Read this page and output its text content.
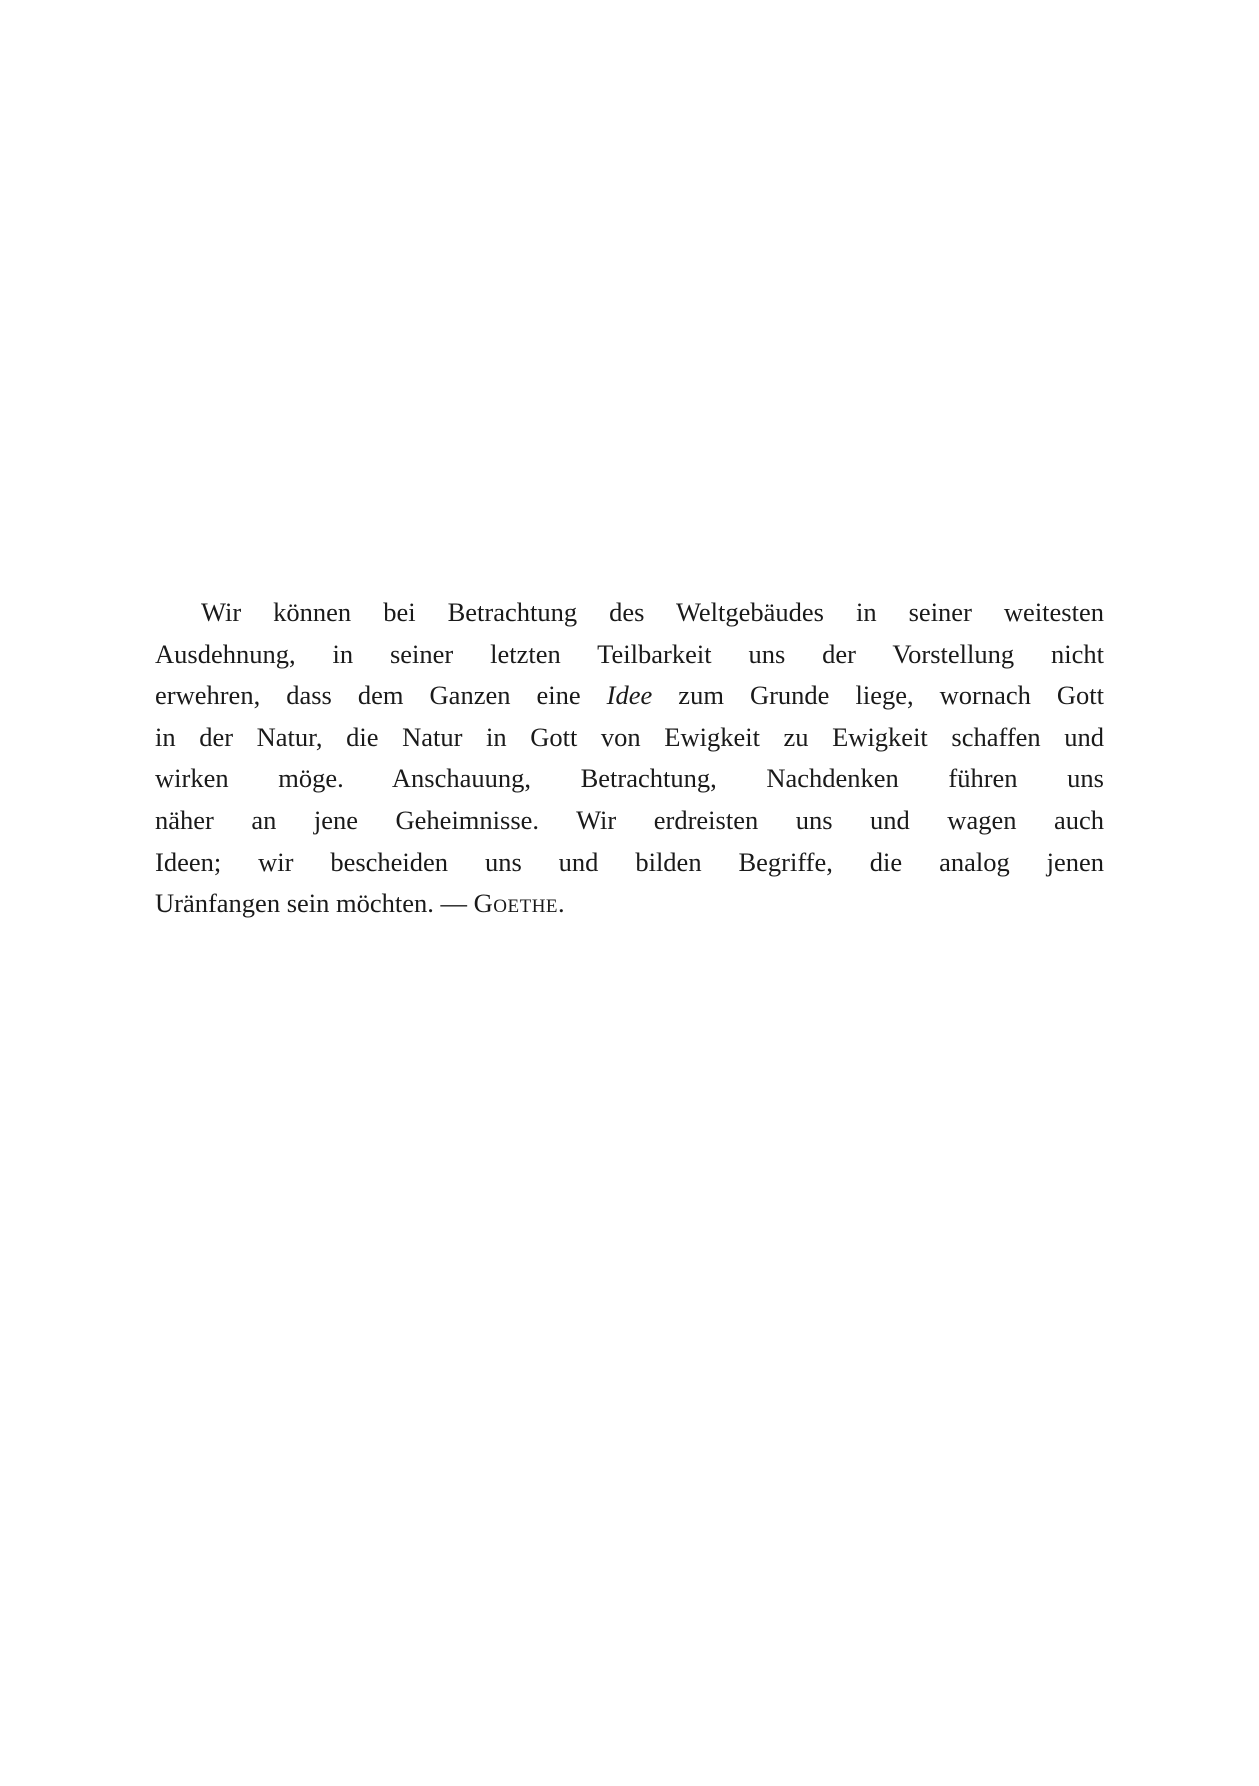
Wir können bei Betrachtung des Weltgebäudes in seiner weitesten
Ausdehnung, in seiner letzten Teilbarkeit uns der Vorstellung nicht
erwehren, dass dem Ganzen eine Idee zum Grunde liege, wornach Gott
in der Natur, die Natur in Gott von Ewigkeit zu Ewigkeit schaffen und
wirken möge. Anschauung, Betrachtung, Nachdenken führen uns
näher an jene Geheimnisse. Wir erdreisten uns und wagen auch
Ideen; wir bescheiden uns und bilden Begriffe, die analog jenen
Uränfangen sein möchten. — Goethe.
